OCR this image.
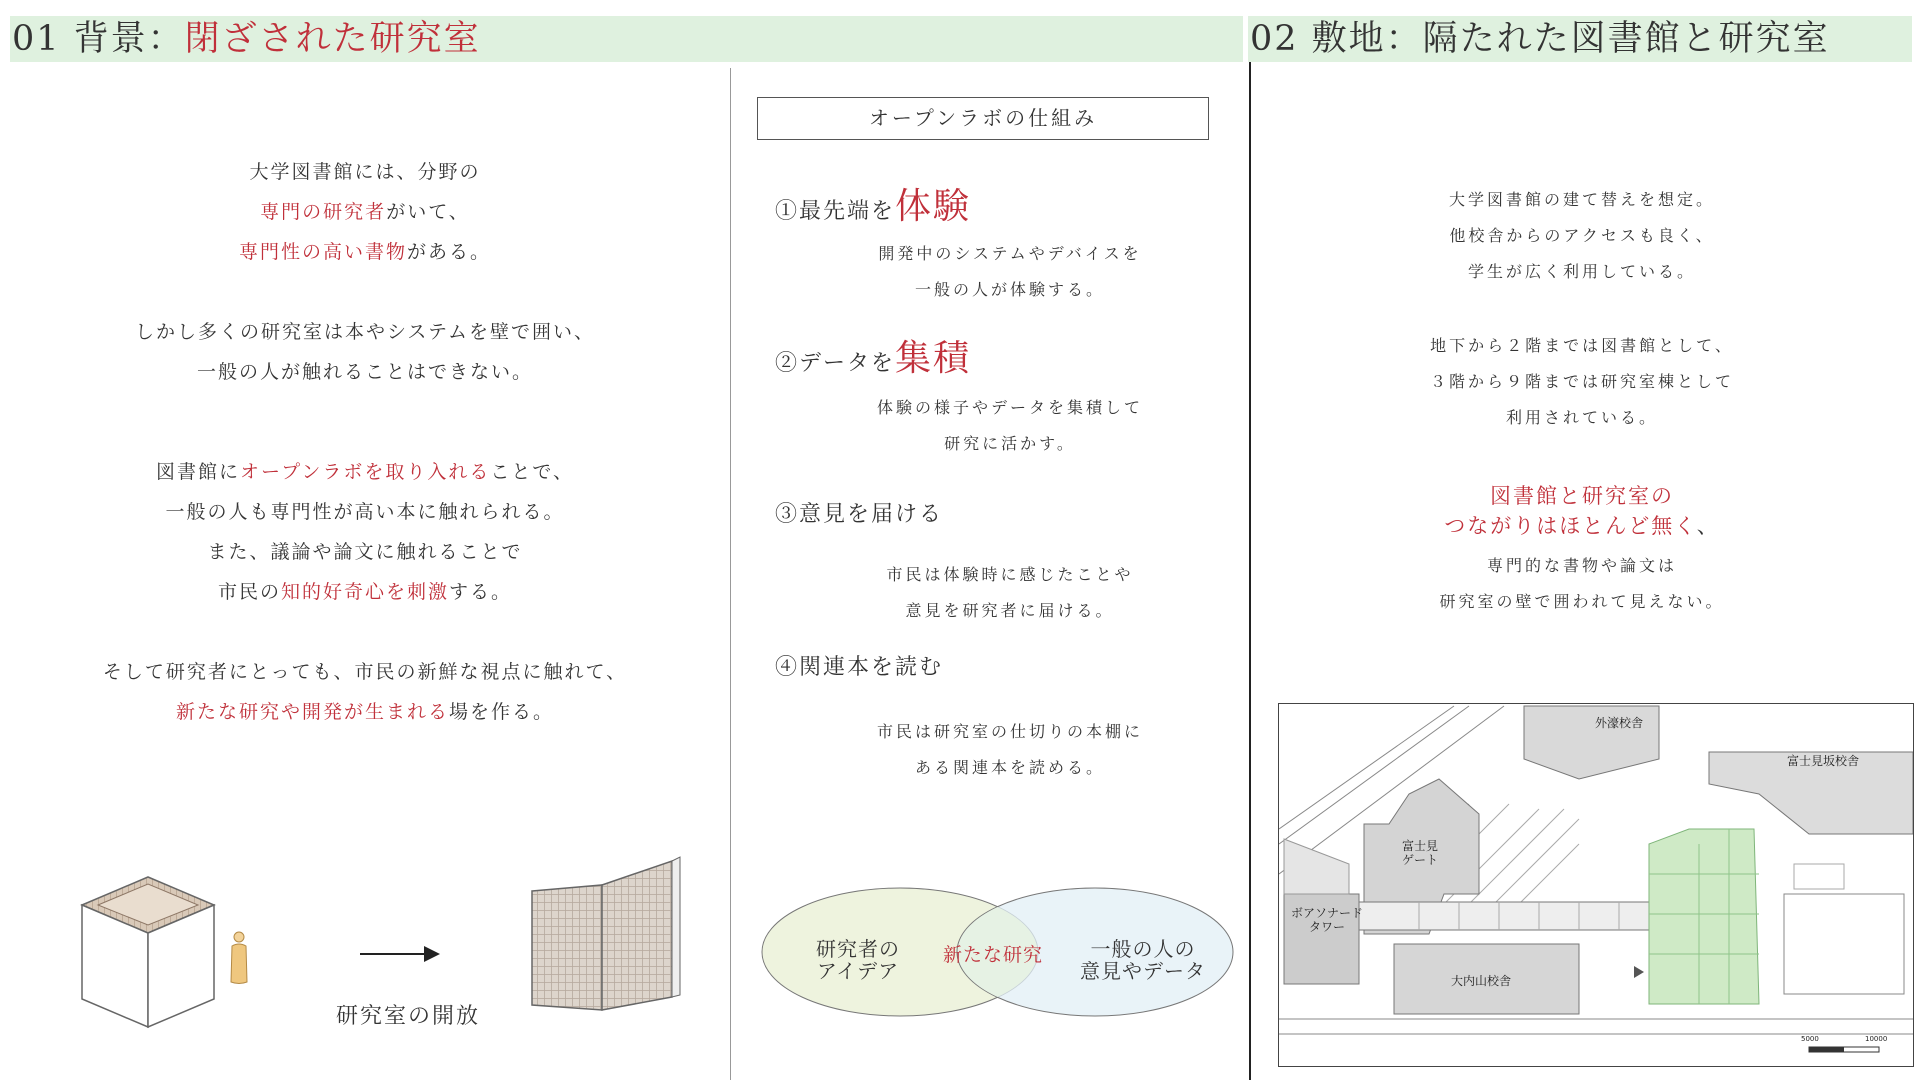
01 背景：閉ざされた研究室	02 敷地：隔たれた図書館と研究室
大学図書館には、分野の
専門の研究者がいて、
専門性の高い書物がある。
しかし多くの研究室は本やシステムを壁で囲い、
一般の人が触れることはできない。
図書館にオープンラボを取り入れることで、
一般の人も専門性が高い本に触れられる。
また、議論や論文に触れることで
市民の知的好奇心を刺激する。
そして研究者にとっても、市民の新鮮な視点に触れて、
新たな研究や開発が生まれる場を作る。
研究室の開放
オープンラボの仕組み
①最先端を体験
開発中のシステムやデバイスを
一般の人が体験する。
②データを集積
体験の様子やデータを集積して
研究に活かす。
③意見を届ける
市民は体験時に感じたことや
意見を研究者に届ける。
④関連本を読む
市民は研究室の仕切りの本棚に
ある関連本を読める。
研究者の
アイデア
新たな研究	一般の人の
意見やデータ
大学図書館の建て替えを想定。
他校舎からのアクセスも良く、
学生が広く利用している。
地下から２階までは図書館として、
３階から９階までは研究室棟として
利用されている。
図書館と研究室の
つながりはほとんど無く、
専門的な書物や論文は
研究室の壁で囲われて見えない。
外濠校舎
富士見坂校舎
富士見
ゲート
ボアソナード
タワー
大内山校舎
5000	10000
